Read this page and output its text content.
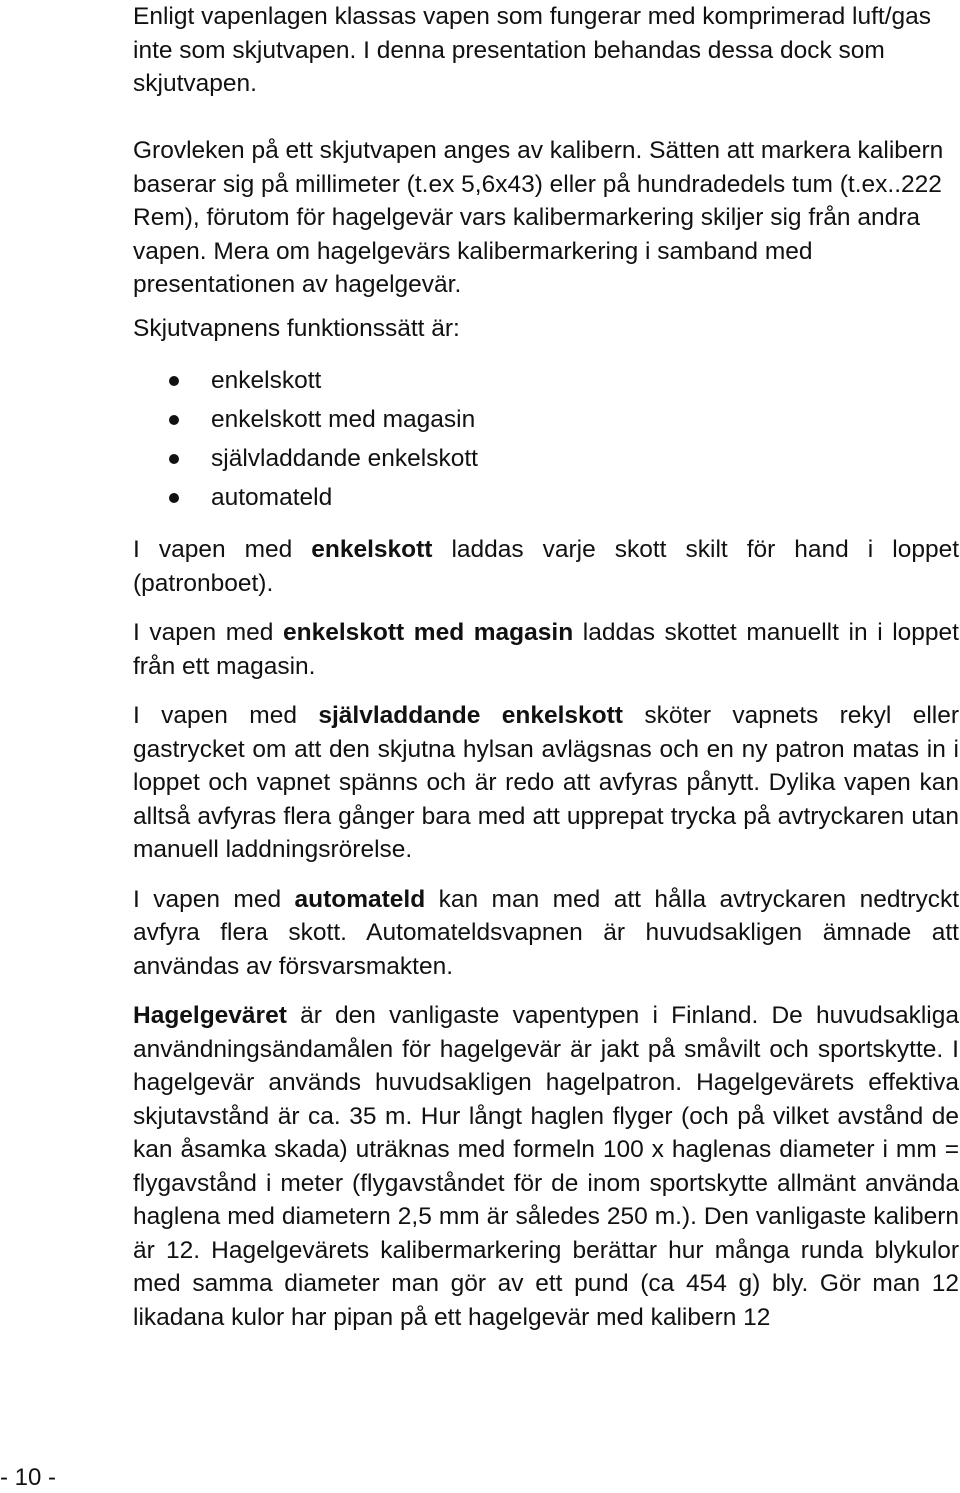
Enligt vapenlagen klassas vapen som fungerar med komprimerad luft/gas inte som skjutvapen. I denna presentation behandas dessa dock som skjutvapen.

Grovleken på ett skjutvapen anges av kalibern. Sätten att markera kalibern baserar sig på millimeter (t.ex 5,6x43) eller på hundradedels tum (t.ex..222 Rem), förutom för hagelgevär vars kalibermarkering skiljer sig från andra vapen. Mera om hagelgevärs kalibermarkering i samband med presentationen av hagelgevär.

Skjutvapnens funktionssätt är:

enkelskott
enkelskott med magasin
självladdande enkelskott
automateld

I vapen med enkelskott laddas varje skott skilt för hand i loppet (patronboet).

I vapen med enkelskott med magasin laddas skottet manuellt in i loppet från ett magasin.

I vapen med självladdande enkelskott sköter vapnets rekyl eller gastrycket om att den skjutna hylsan avlägsnas och en ny patron matas in i loppet och vapnet spänns och är redo att avfyras pånytt. Dylika vapen kan alltså avfyras flera gånger bara med att upprepat trycka på avtryckaren utan manuell laddningsrörelse.

I vapen med automateld kan man med att hålla avtryckaren nedtryckt avfyra flera skott. Automateldsvapnen är huvudsakligen ämnade att användas av försvarsmakten.

Hagelgeväret är den vanligaste vapentypen i Finland. De huvudsakliga användningsändamålen för hagelgevär är jakt på småvilt och sportskytte. I hagelgevär används huvudsakligen hagelpatron. Hagelgevärets effektiva skjutavstånd är ca. 35 m. Hur långt haglen flyger (och på vilket avstånd de kan åsamka skada) uträknas med formeln 100 x haglenas diameter i mm = flygavstånd i meter (flygavståndet för de inom sportskytte allmänt använda haglena med diametern 2,5 mm är således 250 m.). Den vanligaste kalibern är 12. Hagelgevärets kalibermarkering berättar hur många runda blykulor med samma diameter man gör av ett pund (ca 454 g) bly. Gör man 12 likadana kulor har pipan på ett hagelgevär med kalibern 12

- 10 -
